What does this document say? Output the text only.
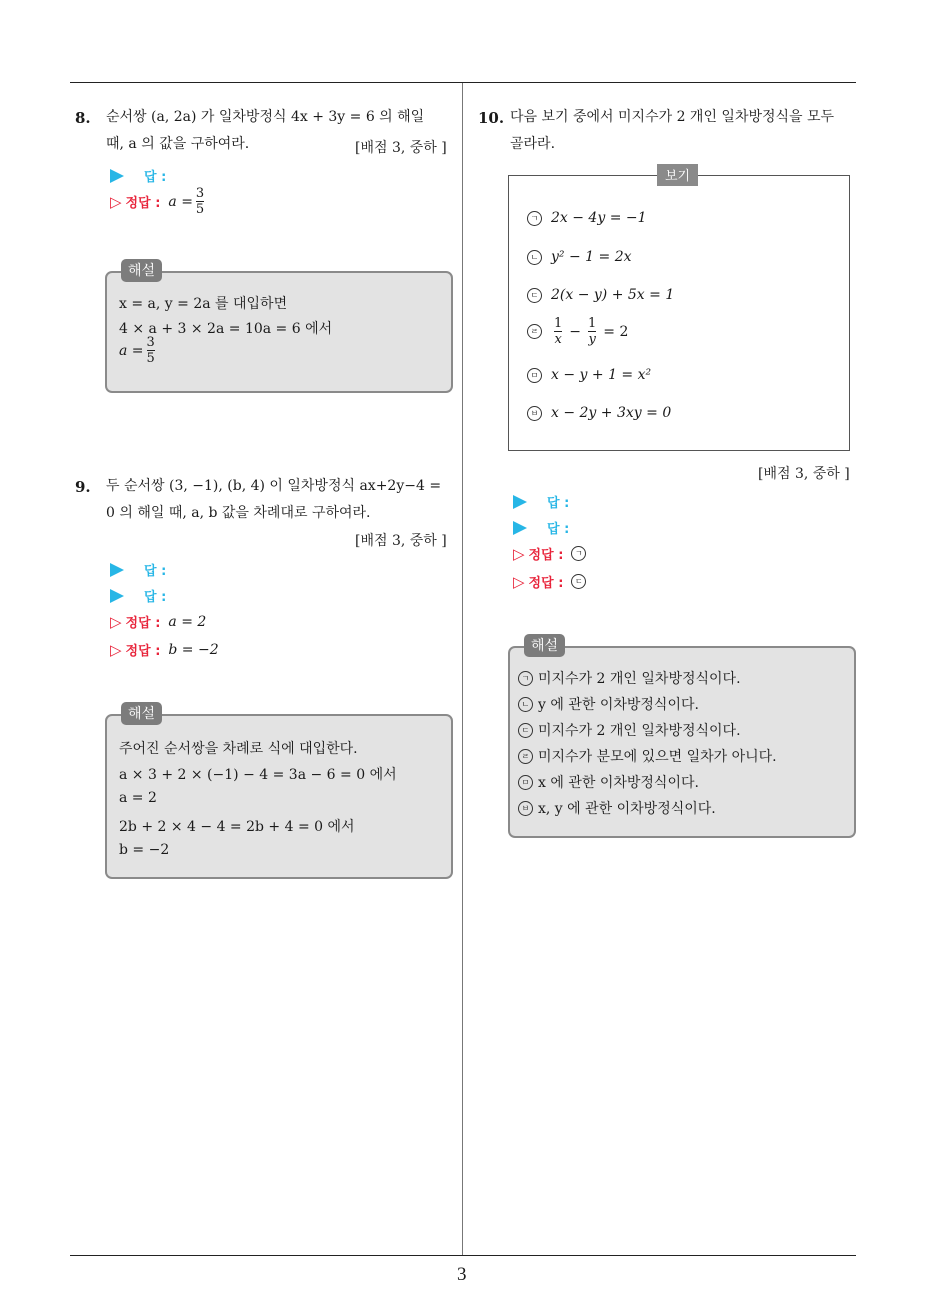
3
8. 순서쌍 (a, 2a) 가 일차방정식 4x + 3y = 6 의 해일
때, a 의 값을 구하여라.	[배점 3, 중하 ]
답 :
▷ 정답 : $a = \frac{3}{5}$
해설
x = a, y = 2a 를 대입하면
4 × a + 3 × 2a = 10a = 6 에서
$a = \frac{3}{5}$
9. 두 순서쌍 (3, −1), (b, 4) 이 일차방정식 ax+2y−4 =
0 의 해일 때, a, b 값을 차례대로 구하여라.
[배점 3, 중하 ]
답 :
답 :
▷ 정답 : a = 2
▷ 정답 : b = −2
해설
주어진 순서쌍을 차례로 식에 대입한다.
a × 3 + 2 × (−1) − 4 = 3a − 6 = 0 에서
a = 2
2b + 2 × 4 − 4 = 2b + 4 = 0 에서
b = −2
10. 다음 보기 중에서 미지수가 2 개인 일차방정식을 모두
골라라.
보기
ㄱ 2x − 4y = −1
ㄴ y² − 1 = 2x
ㄷ 2(x − y) + 5x = 1
ㄹ $\frac{1}{x} - \frac{1}{y} = 2$
ㅁ x − y + 1 = x²
ㅂ x − 2y + 3xy = 0
[배점 3, 중하 ]
답 :
답 :
▷ 정답 :	ㄱ
▷ 정답 :	ㄷ
해설
ㄱ 미지수가 2 개인 일차방정식이다.
ㄴ y 에 관한 이차방정식이다.
ㄷ 미지수가 2 개인 일차방정식이다.
ㄹ 미지수가 분모에 있으면 일차가 아니다.
ㅁ x 에 관한 이차방정식이다.
ㅂ x, y 에 관한 이차방정식이다.
